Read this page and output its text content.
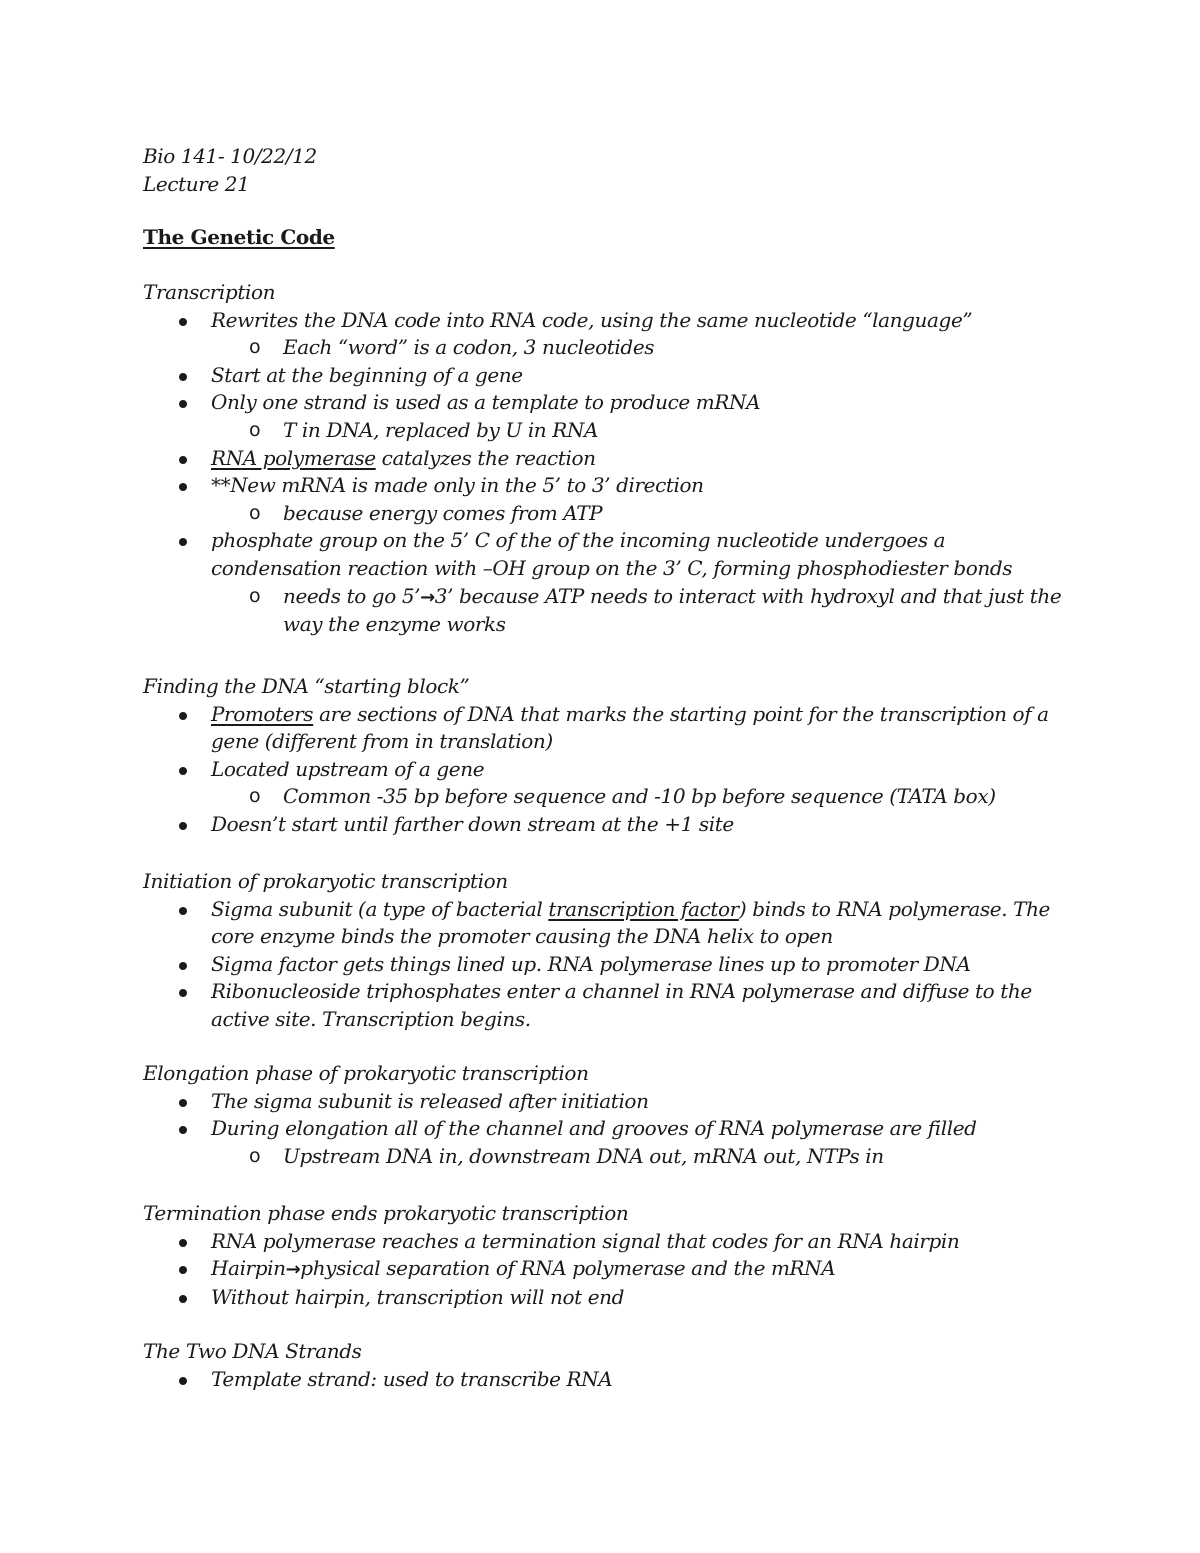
Bio 141- 10/22/12
Lecture 21
The Genetic Code
Transcription
Rewrites the DNA code into RNA code, using the same nucleotide “language”
o Each “word” is a codon, 3 nucleotides
Start at the beginning of a gene
Only one strand is used as a template to produce mRNA
o T in DNA, replaced by U in RNA
RNA polymerase catalyzes the reaction
**New mRNA is made only in the 5’ to 3’ direction
o because energy comes from ATP
phosphate group on the 5’ C of the of the incoming nucleotide undergoes a condensation reaction with –OH group on the 3’ C, forming phosphodiester bonds
o needs to go 5’→3’ because ATP needs to interact with hydroxyl and that just the way the enzyme works
Finding the DNA “starting block”
Promoters are sections of DNA that marks the starting point for the transcription of a gene (different from in translation)
Located upstream of a gene
o Common -35 bp before sequence and -10 bp before sequence (TATA box)
Doesn’t start until farther down stream at the +1 site
Initiation of prokaryotic transcription
Sigma subunit (a type of bacterial transcription factor) binds to RNA polymerase. The core enzyme binds the promoter causing the DNA helix to open
Sigma factor gets things lined up. RNA polymerase lines up to promoter DNA
Ribonucleoside triphosphates enter a channel in RNA polymerase and diffuse to the active site. Transcription begins.
Elongation phase of prokaryotic transcription
The sigma subunit is released after initiation
During elongation all of the channel and grooves of RNA polymerase are filled
o Upstream DNA in, downstream DNA out, mRNA out, NTPs in
Termination phase ends prokaryotic transcription
RNA polymerase reaches a termination signal that codes for an RNA hairpin
Hairpin→physical separation of RNA polymerase and the mRNA
Without hairpin, transcription will not end
The Two DNA Strands
Template strand: used to transcribe RNA
